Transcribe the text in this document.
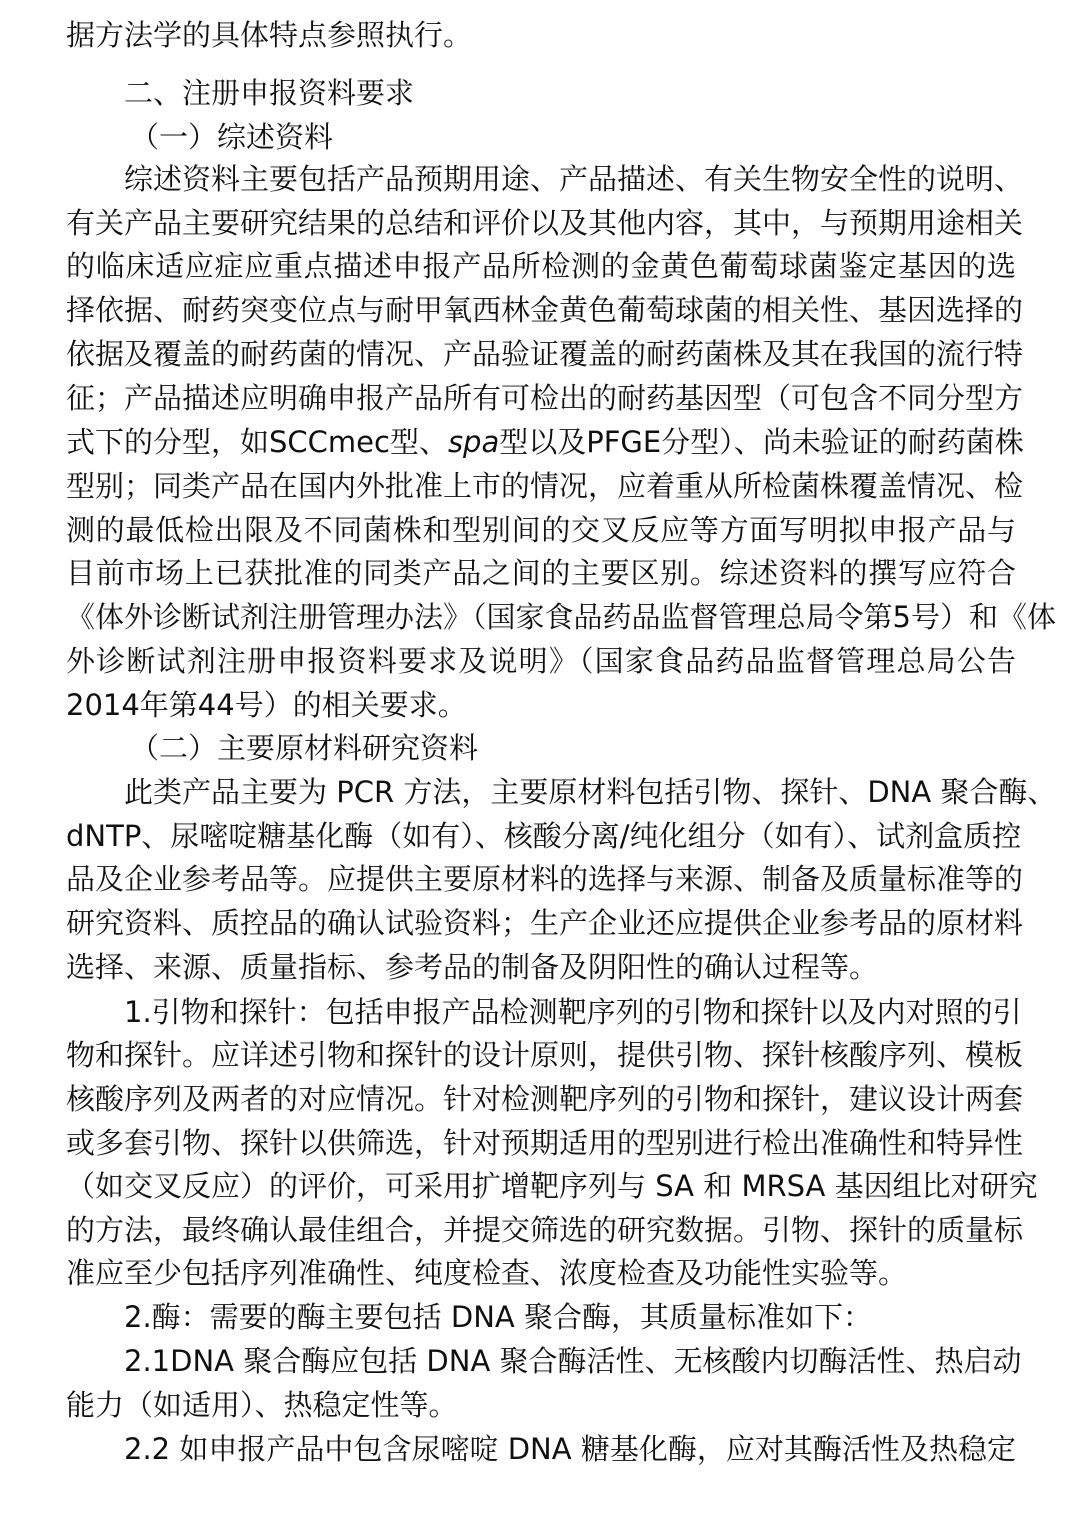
据方法学的具体特点参照执行。
二、注册申报资料要求
（一）综述资料
综述资料主要包括产品预期用途、产品描述、有关生物安全性的说明、
有关产品主要研究结果的总结和评价以及其他内容，其中，与预期用途相关
的临床适应症应重点描述申报产品所检测的金黄色葡萄球菌鉴定基因的选
择依据、耐药突变位点与耐甲氧西林金黄色葡萄球菌的相关性、基因选择的
依据及覆盖的耐药菌的情况、产品验证覆盖的耐药菌株及其在我国的流行特
征；产品描述应明确申报产品所有可检出的耐药基因型（可包含不同分型方
式下的分型，如SCCmec型、spa型以及PFGE分型）、尚未验证的耐药菌株
型别；同类产品在国内外批准上市的情况，应着重从所检菌株覆盖情况、检
测的最低检出限及不同菌株和型别间的交叉反应等方面写明拟申报产品与
目前市场上已获批准的同类产品之间的主要区别。综述资料的撰写应符合
《体外诊断试剂注册管理办法》（国家食品药品监督管理总局令第5号）和《体
外诊断试剂注册申报资料要求及说明》（国家食品药品监督管理总局公告
2014年第44号）的相关要求。
（二）主要原材料研究资料
此类产品主要为 PCR 方法，主要原材料包括引物、探针、DNA 聚合酶、
dNTP、尿嘧啶糖基化酶（如有）、核酸分离/纯化组分（如有）、试剂盒质控
品及企业参考品等。应提供主要原材料的选择与来源、制备及质量标准等的
研究资料、质控品的确认试验资料；生产企业还应提供企业参考品的原材料
选择、来源、质量指标、参考品的制备及阴阳性的确认过程等。
1.引物和探针：包括申报产品检测靶序列的引物和探针以及内对照的引
物和探针。应详述引物和探针的设计原则，提供引物、探针核酸序列、模板
核酸序列及两者的对应情况。针对检测靶序列的引物和探针，建议设计两套
或多套引物、探针以供筛选，针对预期适用的型别进行检出准确性和特异性
（如交叉反应）的评价，可采用扩增靶序列与 SA 和 MRSA 基因组比对研究
的方法，最终确认最佳组合，并提交筛选的研究数据。引物、探针的质量标
准应至少包括序列准确性、纯度检查、浓度检查及功能性实验等。
2.酶：需要的酶主要包括 DNA 聚合酶，其质量标准如下：
2.1DNA 聚合酶应包括 DNA 聚合酶活性、无核酸内切酶活性、热启动
能力（如适用）、热稳定性等。
2.2 如申报产品中包含尿嘧啶 DNA 糖基化酶，应对其酶活性及热稳定
